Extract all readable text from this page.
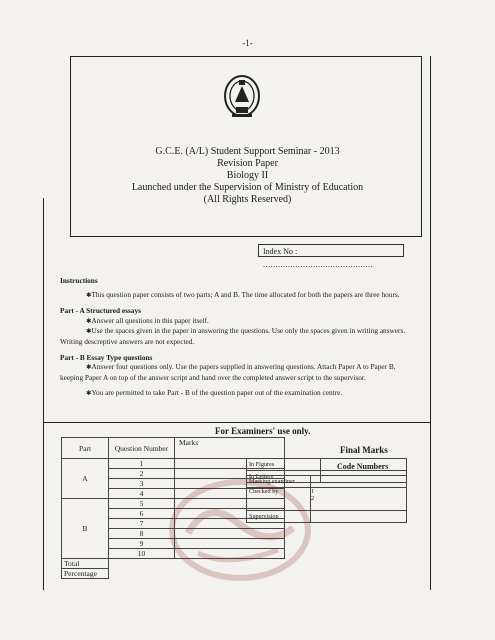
-1-
G.C.E. (A/L) Student Support Seminar - 2013
Revision Paper
Biology II
Launched under the Supervision of Ministry of Education
(All Rights Reserved)
Index No : ............................................
Instructions
✱This question paper consists of two parts; A and B. The time allocated for both the papers are three hours.
Part - A Structured essays
✱Answer all questions in this paper itself.
✱Use the spaces given in the paper in answering the questions. Use only the spaces given in writing answers. Writing descreptive answers are not expected.
Part - B Essay Type questions
✱Answer four questions only. Use the papers supplied in answering questions. Attach Paper A to Paper B, keeping Paper A on top of the answer script and hand over the completed answer script to the supervisor.
✱You are permitted to take Part - B of the question paper out of the examination centre.
For Examiners' use only.
Part	Question Number	Marks
A	1	
	2	
	3	
	4	
B	5	
	6	
	7	
	8	
	9	
	10	
Total		
Percentage		
Final Marks
In Figures	
In Letters	
Code Numbers
Marking examiner	
Checked by	1
2

Supervision	
